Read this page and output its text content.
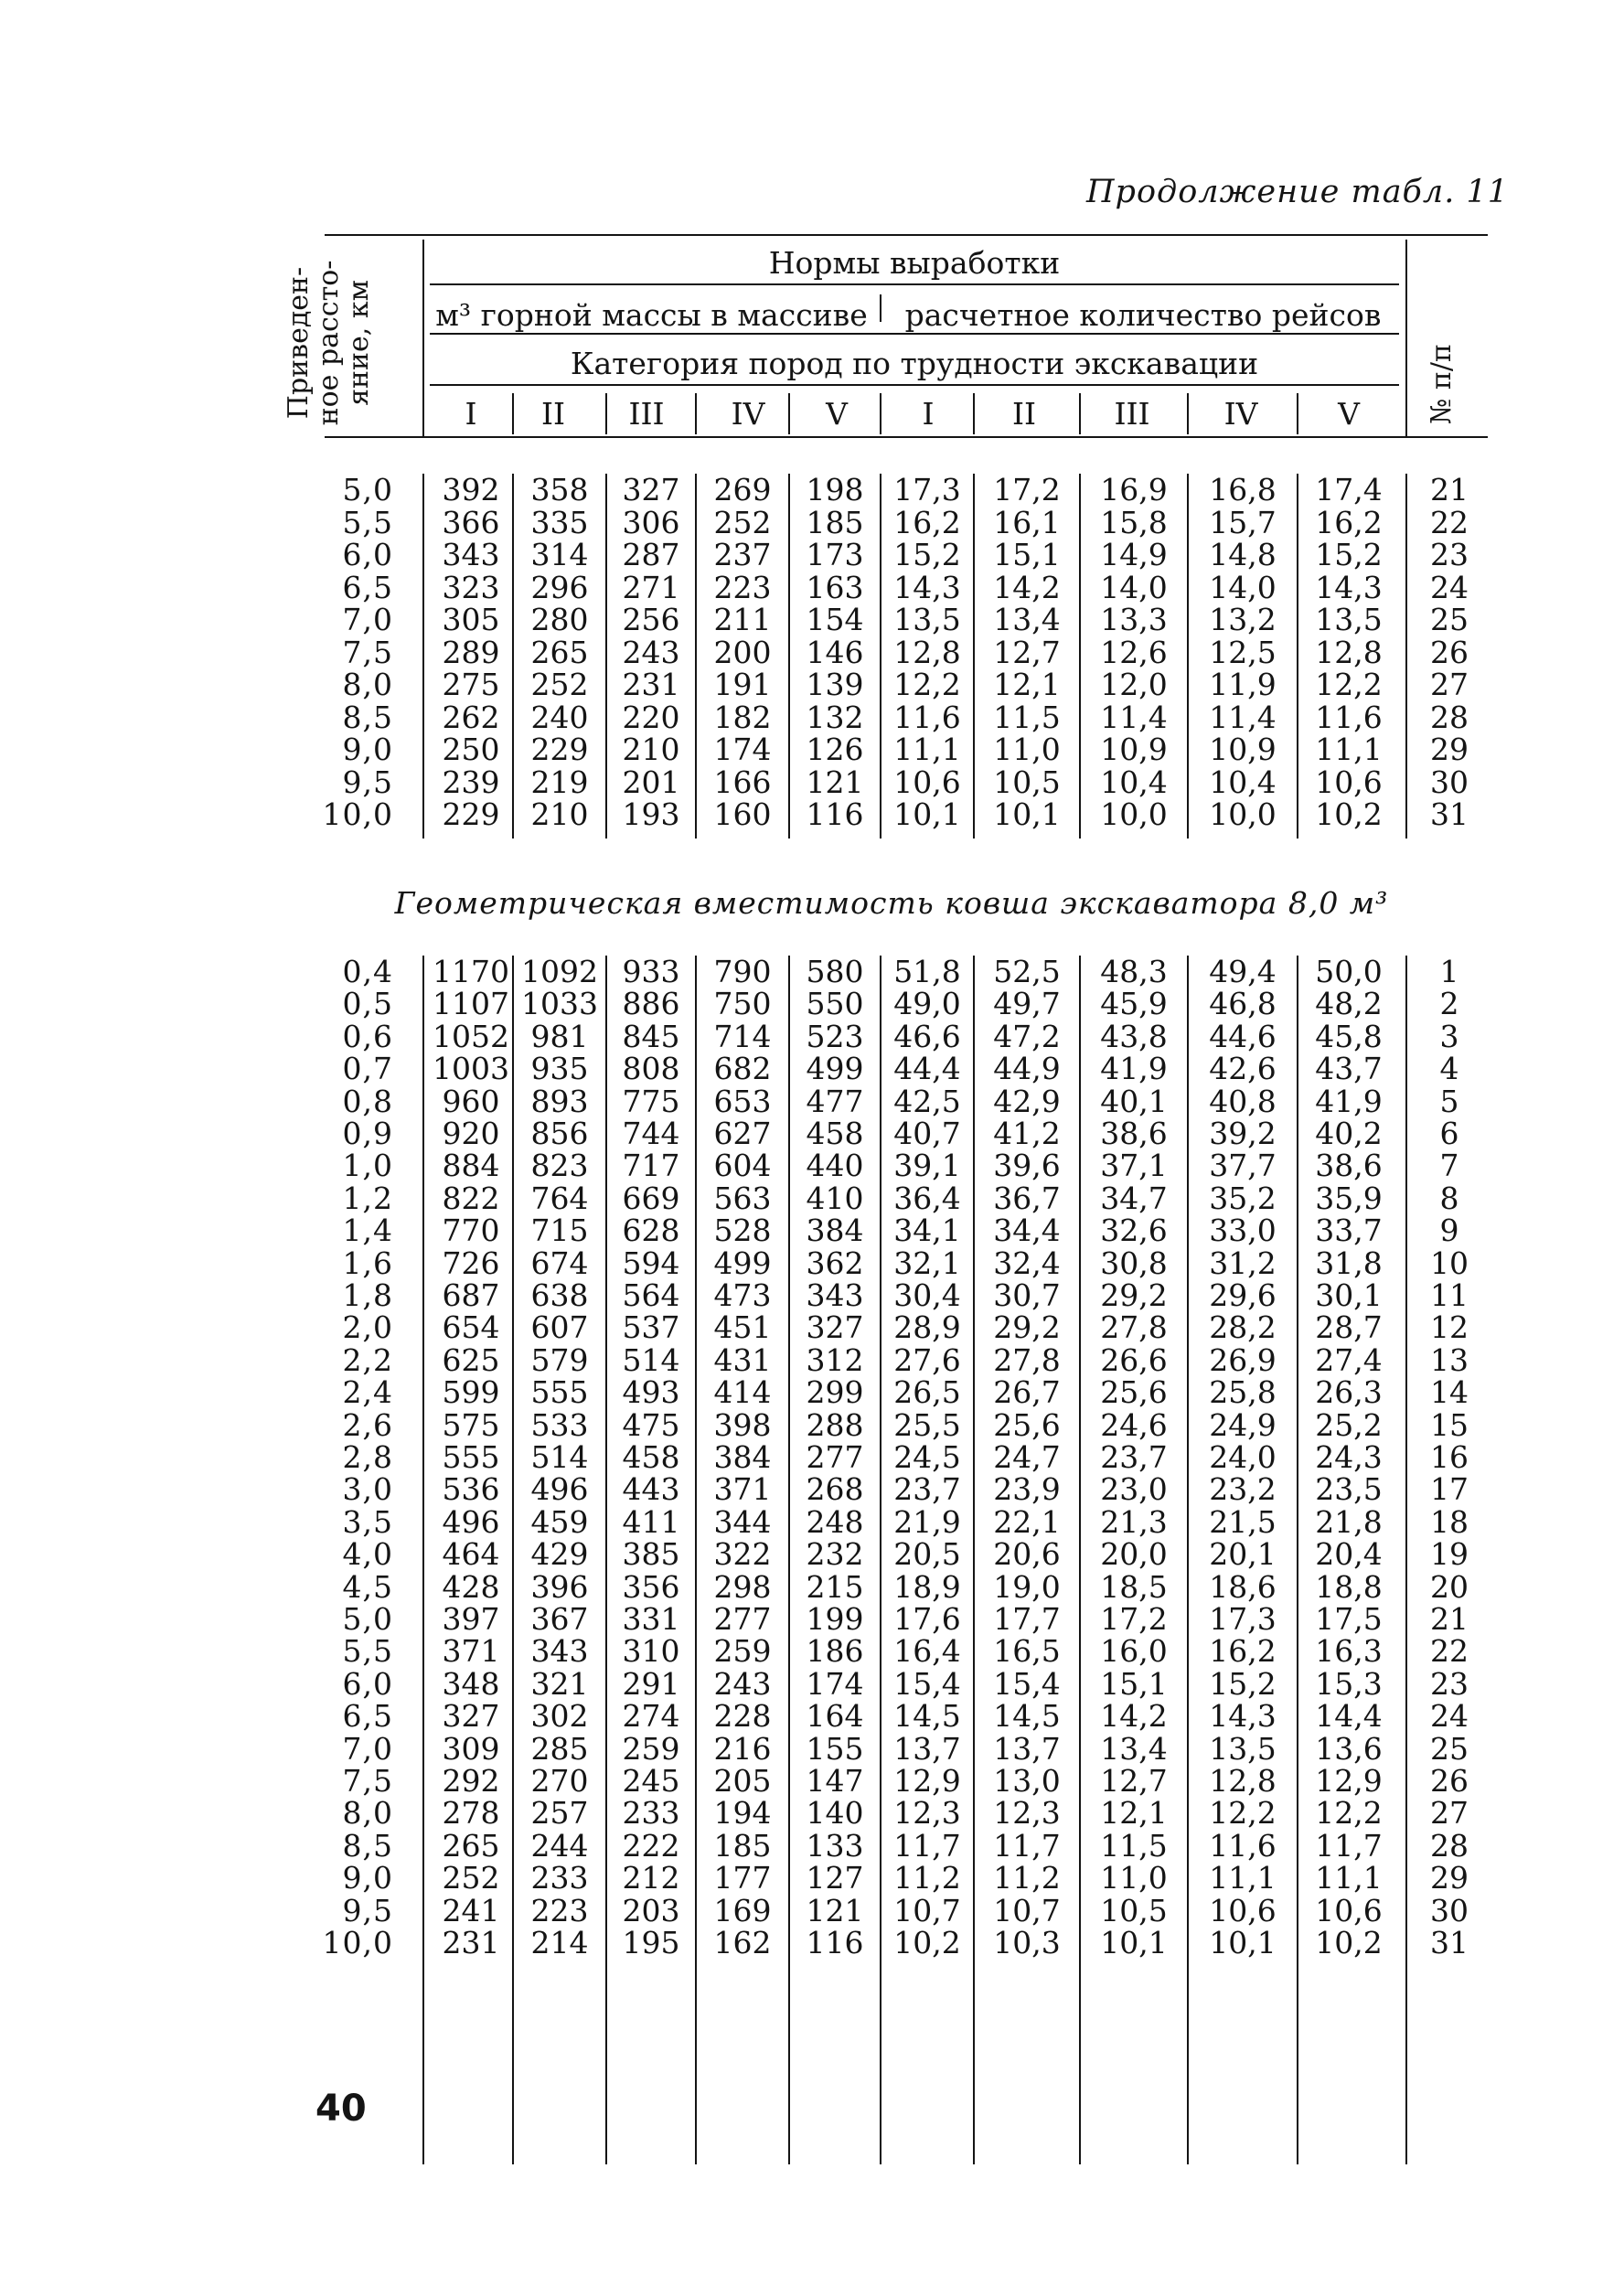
Продолжение табл. 11
Приведен-
ное рассто-
яние, км
Нормы выработки
м³ горной массы в массиве	расчетное количество рейсов
Категория пород по трудности экскавации	№ п/п
I	II	III	IV	V	I	II	III	IV	V
5,0	392	358	327	269	198 17,3	17,2	16,9	16,8	17,4	21
5,5	366	335	306	252	185 16,2	16,1	15,8	15,7	16,2	22
6,0	343	314	287	237	173 15,2	15,1	14,9	14,8	15,2	23
6,5	323	296	271	223	163 14,3	14,2	14,0	14,0	14,3	24
7,0	305	280	256	211	154 13,5	13,4	13,3	13,2	13,5	25
7,5	289	265	243	200	146 12,8	12,7	12,6	12,5	12,8	26
8,0	275	252	231	191	139 12,2	12,1	12,0	11,9	12,2	27
8,5	262	240	220	182	132 11,6	11,5	11,4	11,4	11,6	28
9,0	250	229	210	174	126 11,1	11,0	10,9	10,9	11,1	29
9,5	239	219	201	166	121 10,6	10,5	10,4	10,4	10,6	30
10,0	229	210	193	160	116 10,1	10,1	10,0	10,0	10,2	31
Геометрическая вместимость ковша экскаватора 8,0 м³
0,4 1170 1092 933	790	580 51,8	52,5	48,3	49,4	50,0	1
0,5 1107 1033 886	750	550 49,0	49,7	45,9	46,8	48,2	2
0,6 1052 981	845	714	523 46,6	47,2	43,8	44,6	45,8	3
0,7 1003 935	808	682	499 44,4	44,9	41,9	42,6	43,7	4
0,8	960	893	775	653	477 42,5	42,9	40,1	40,8	41,9	5
0,9	920	856	744	627	458 40,7	41,2	38,6	39,2	40,2	6
1,0	884	823	717	604	440 39,1	39,6	37,1	37,7	38,6	7
1,2	822	764	669	563	410 36,4	36,7	34,7	35,2	35,9	8
1,4	770	715	628	528	384 34,1	34,4	32,6	33,0	33,7	9
1,6	726	674	594	499	362 32,1	32,4	30,8	31,2	31,8	10
1,8	687	638	564	473	343 30,4	30,7	29,2	29,6	30,1	11
2,0	654	607	537	451	327 28,9	29,2	27,8	28,2	28,7	12
2,2	625	579	514	431	312 27,6	27,8	26,6	26,9	27,4	13
2,4	599	555	493	414	299 26,5	26,7	25,6	25,8	26,3	14
2,6	575	533	475	398	288 25,5	25,6	24,6	24,9	25,2	15
2,8	555	514	458	384	277 24,5	24,7	23,7	24,0	24,3	16
3,0	536	496	443	371	268 23,7	23,9	23,0	23,2	23,5	17
3,5	496	459	411	344	248 21,9	22,1	21,3	21,5	21,8	18
4,0	464	429	385	322	232 20,5	20,6	20,0	20,1	20,4	19
4,5	428	396	356	298	215 18,9	19,0	18,5	18,6	18,8	20
5,0	397	367	331	277	199 17,6	17,7	17,2	17,3	17,5	21
5,5	371	343	310	259	186 16,4	16,5	16,0	16,2	16,3	22
6,0	348	321	291	243	174 15,4	15,4	15,1	15,2	15,3	23
6,5	327	302	274	228	164 14,5	14,5	14,2	14,3	14,4	24
7,0	309	285	259	216	155 13,7	13,7	13,4	13,5	13,6	25
7,5	292	270	245	205	147 12,9	13,0	12,7	12,8	12,9	26
8,0	278	257	233	194	140 12,3	12,3	12,1	12,2	12,2	27
8,5	265	244	222	185	133 11,7	11,7	11,5	11,6	11,7	28
9,0	252	233	212	177	127 11,2	11,2	11,0	11,1	11,1	29
9,5	241	223	203	169	121 10,7	10,7	10,5	10,6	10,6	30
10,0	231	214	195	162	116 10,2	10,3	10,1	10,1	10,2	31
40
